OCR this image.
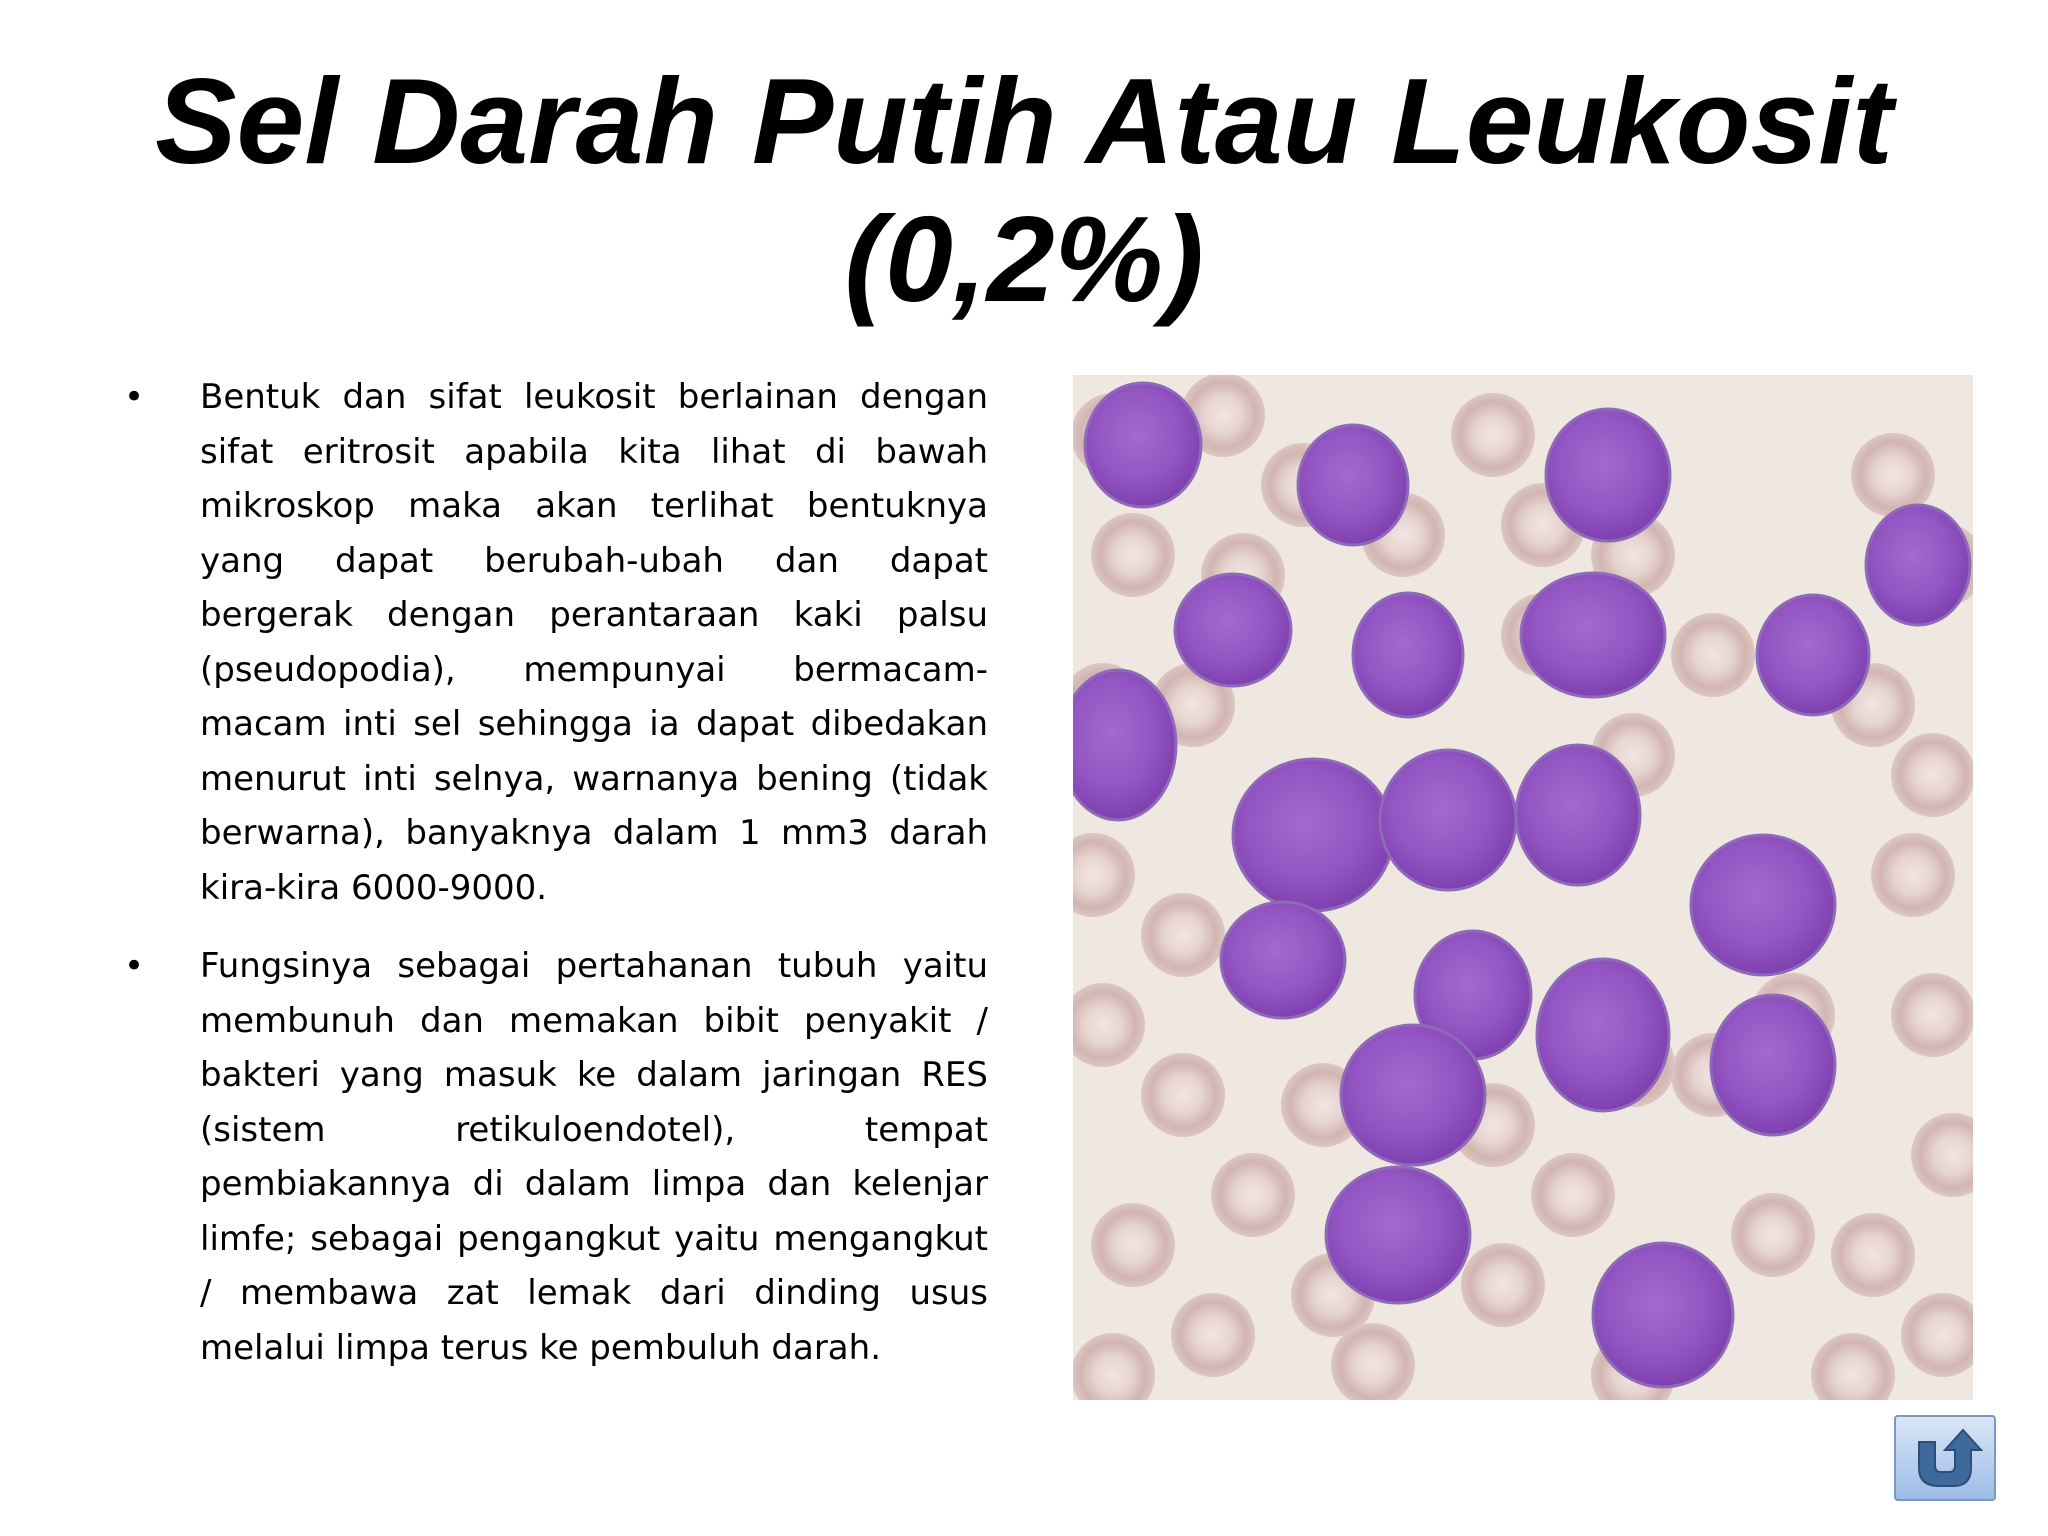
Sel Darah Putih Atau Leukosit
(0,2%)
• Bentuk dan sifat leukosit berlainan dengan sifat eritrosit apabila kita lihat di bawah mikroskop maka akan terlihat bentuknya yang dapat berubah-ubah dan dapat bergerak dengan perantaraan kaki palsu (pseudopodia), mempunyai bermacam-macam inti sel sehingga ia dapat dibedakan menurut inti selnya, warnanya bening (tidak berwarna), banyaknya dalam 1 mm3 darah kira-kira 6000-9000.

• Fungsinya sebagai pertahanan tubuh yaitu membunuh dan memakan bibit penyakit / bakteri yang masuk ke dalam jaringan RES (sistem retikuloendotel), tempat pembiakannya di dalam limpa dan kelenjar limfe; sebagai pengangkut yaitu mengangkut / membawa zat lemak dari dinding usus melalui limpa terus ke pembuluh darah.
